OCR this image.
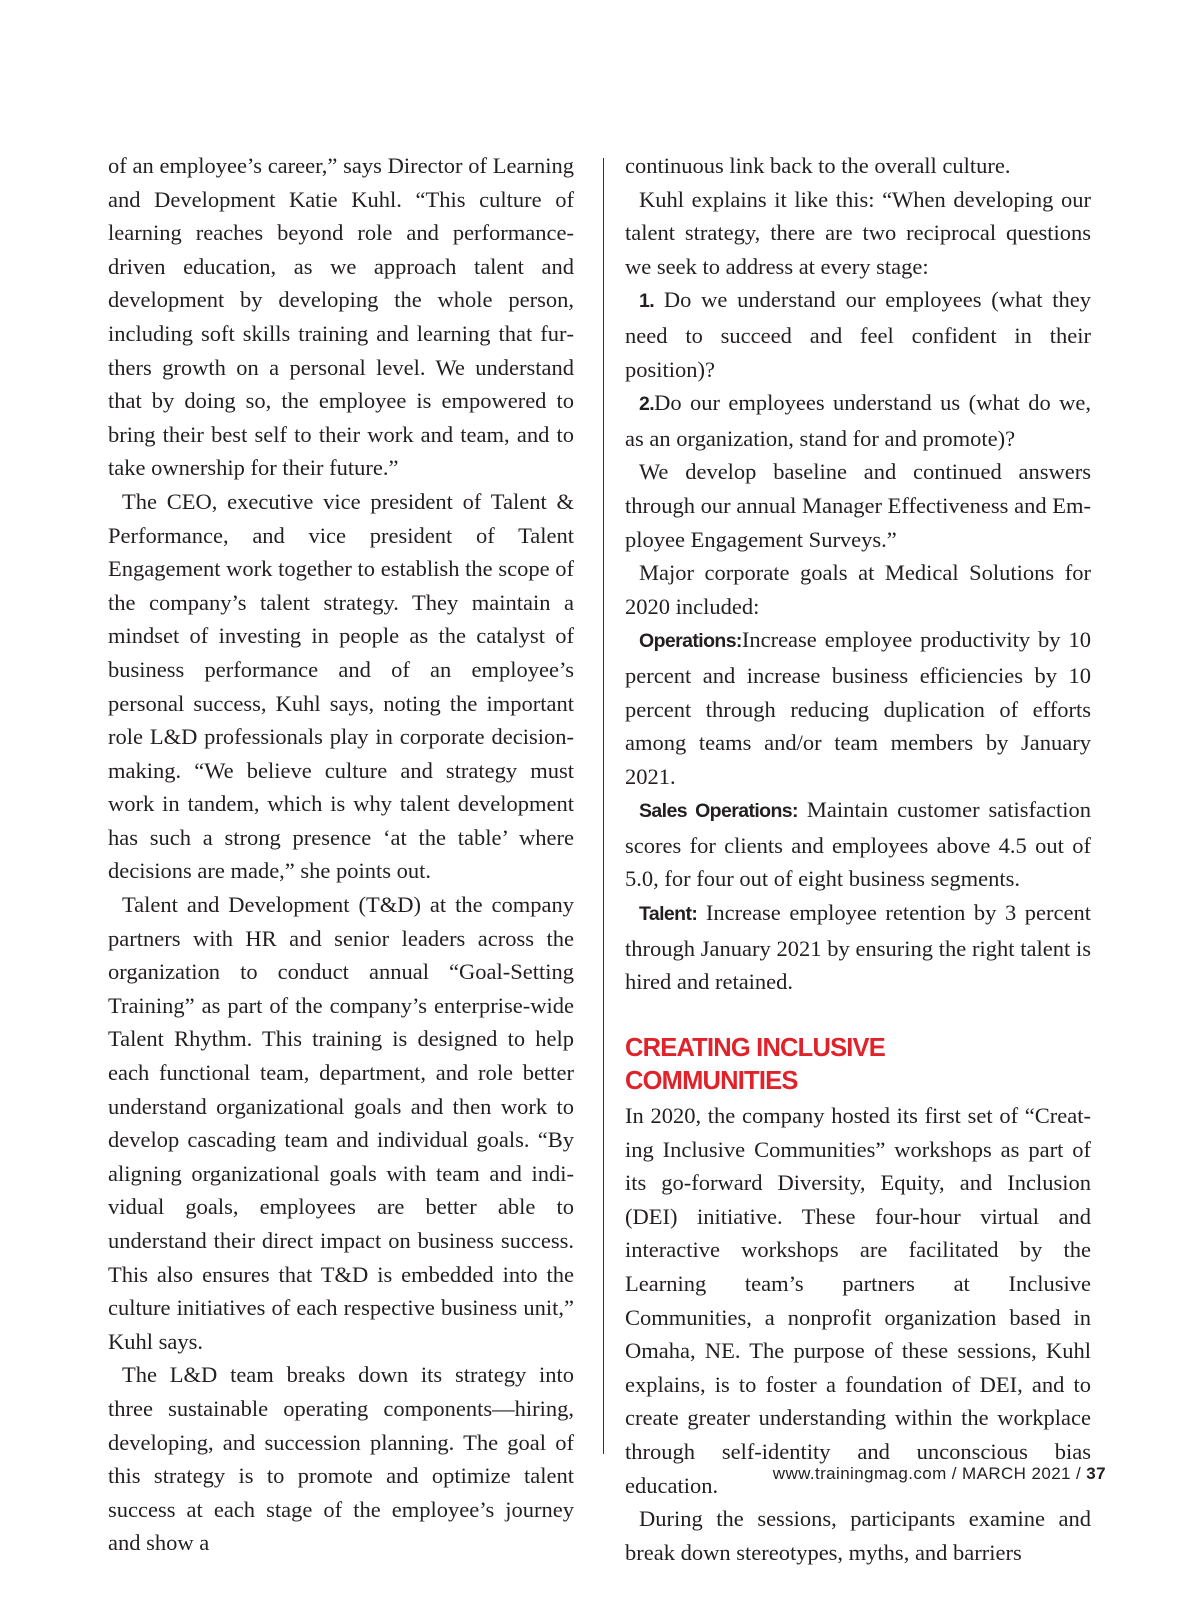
of an employee’s career,” says Director of Learning and Development Katie Kuhl. “This culture of learning reaches beyond role and performance-driven education, as we approach talent and development by developing the whole person, including soft skills training and learning that furthers growth on a personal level. We understand that by doing so, the employee is empowered to bring their best self to their work and team, and to take ownership for their future.”

The CEO, executive vice president of Talent & Performance, and vice president of Talent Engagement work together to establish the scope of the company’s talent strategy. They maintain a mindset of investing in people as the catalyst of business performance and of an employee’s personal success, Kuhl says, noting the important role L&D professionals play in corporate decision-making. “We believe culture and strategy must work in tandem, which is why talent development has such a strong presence ‘at the table’ where decisions are made,” she points out.

Talent and Development (T&D) at the company partners with HR and senior leaders across the organization to conduct annual “Goal-Setting Training” as part of the company’s enterprise-wide Talent Rhythm. This training is designed to help each functional team, department, and role better understand organizational goals and then work to develop cascading team and individual goals. “By aligning organizational goals with team and individual goals, employees are better able to understand their direct impact on business success. This also ensures that T&D is embedded into the culture initiatives of each respective business unit,” Kuhl says.

The L&D team breaks down its strategy into three sustainable operating components—hiring, developing, and succession planning. The goal of this strategy is to promote and optimize talent success at each stage of the employee’s journey and show a

continuous link back to the overall culture.

Kuhl explains it like this: “When developing our talent strategy, there are two reciprocal questions we seek to address at every stage:

1. Do we understand our employees (what they need to succeed and feel confident in their position)?

2.Do our employees understand us (what do we, as an organization, stand for and promote)?

We develop baseline and continued answers through our annual Manager Effectiveness and Employee Engagement Surveys.”

Major corporate goals at Medical Solutions for 2020 included:

Operations:Increase employee productivity by 10 percent and increase business efficiencies by 10 percent through reducing duplication of efforts among teams and/or team members by January 2021.

Sales Operations: Maintain customer satisfaction scores for clients and employees above 4.5 out of 5.0, for four out of eight business segments.

Talent: Increase employee retention by 3 percent through January 2021 by ensuring the right talent is hired and retained.

CREATING INCLUSIVE
COMMUNITIES

In 2020, the company hosted its first set of “Creating Inclusive Communities” workshops as part of its go-forward Diversity, Equity, and Inclusion (DEI) initiative. These four-hour virtual and interactive workshops are facilitated by the Learning team’s partners at Inclusive Communities, a nonprofit organization based in Omaha, NE. The purpose of these sessions, Kuhl explains, is to foster a foundation of DEI, and to create greater understanding within the workplace through self-identity and unconscious bias education.

During the sessions, participants examine and break down stereotypes, myths, and barriers

www.trainingmag.com / MARCH 2021 / 37
